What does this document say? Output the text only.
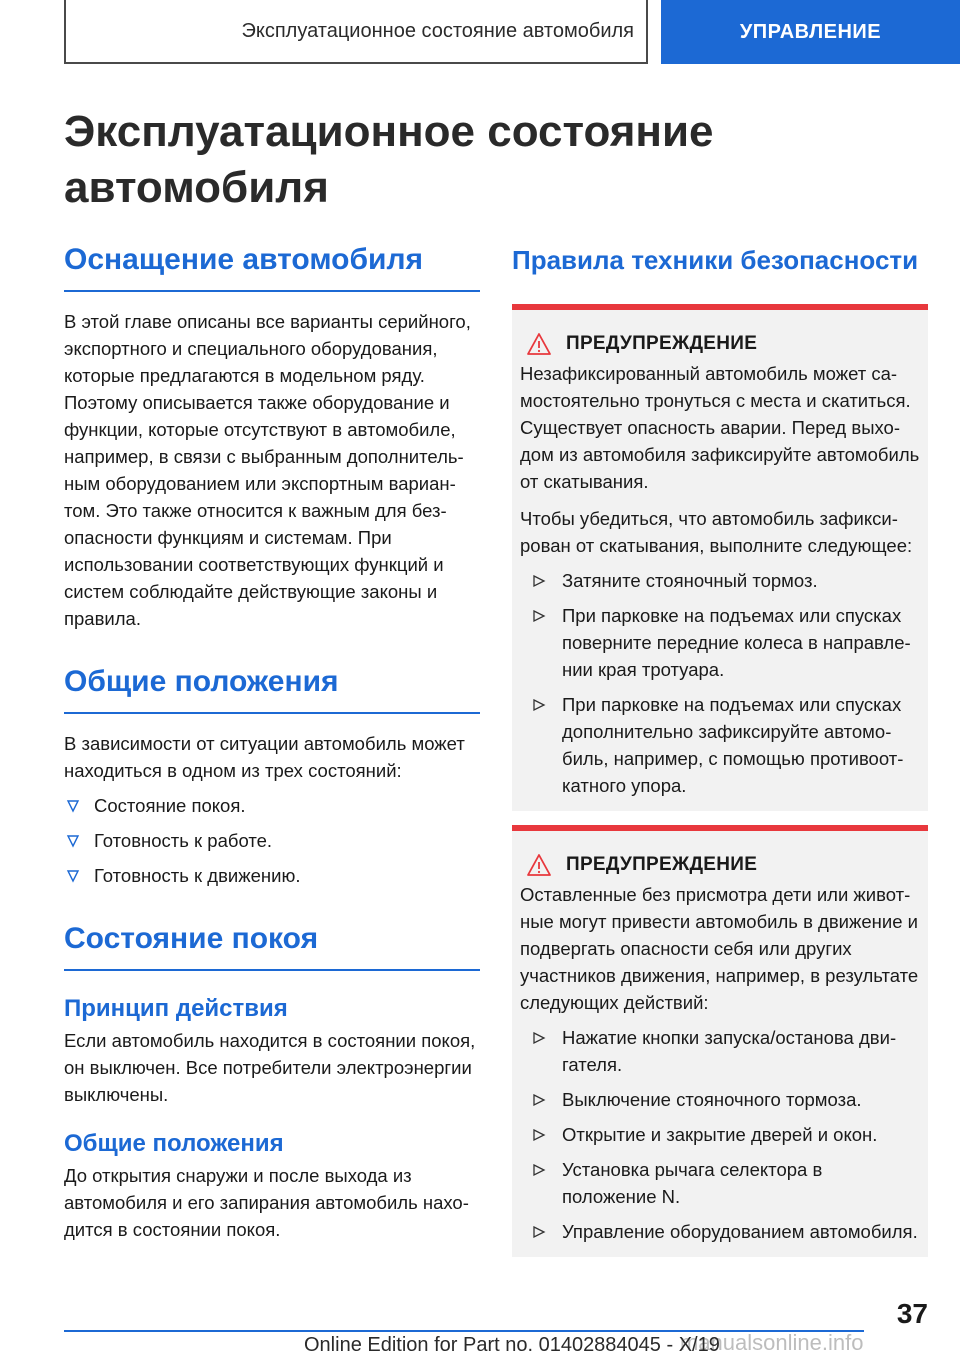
Эксплуатационное состояние автомобиля	УПРАВЛЕНИЕ
Эксплуатационное состояние
автомобиля
Оснащение автомобиля

В этой главе описаны все варианты серийного, экспортного и специального оборудования, которые предлагаются в модельном ряду. Поэтому описывается также оборудование и функции, которые отсутствуют в автомобиле, например, в связи с выбранным дополнительным оборудованием или экспортным вариантом. Это также относится к важным для безопасности функциям и системам. При использовании соответствующих функций и систем соблюдайте действующие законы и правила.

Общие положения

В зависимости от ситуации автомобиль может находиться в одном из трех состояний:

Состояние покоя.
Готовность к работе.
Готовность к движению.
Состояние покоя
Принцип действия

Если автомобиль находится в состоянии покоя, он выключен. Все потребители электроэнергии выключены.

Общие положения

До открытия снаружи и после выхода из автомобиля и его запирания автомобиль находится в состоянии покоя.

Правила техники безопасности
ПРЕДУПРЕЖДЕНИЕ

Незафиксированный автомобиль может самостоятельно тронуться с места и скатиться. Существует опасность аварии. Перед выходом из автомобиля зафиксируйте автомобиль от скатывания.

Чтобы убедиться, что автомобиль зафиксирован от скатывания, выполните следующее:

Затяните стояночный тормоз.
При парковке на подъемах или спусках поверните передние колеса в направлении края тротуара.
При парковке на подъемах или спусках дополнительно зафиксируйте автомобиль, например, с помощью противооткатного упора.
ПРЕДУПРЕЖДЕНИЕ

Оставленные без присмотра дети или животные могут привести автомобиль в движение и подвергать опасности себя или других участников движения, например, в результате следующих действий:

Нажатие кнопки запуска/останова двигателя.
Выключение стояночного тормоза.
Открытие и закрытие дверей и окон.
Установка рычага селектора в положение N.
Управление оборудованием автомобиля.
37
manualsonline.info
Online Edition for Part no. 01402884045 - X/19
